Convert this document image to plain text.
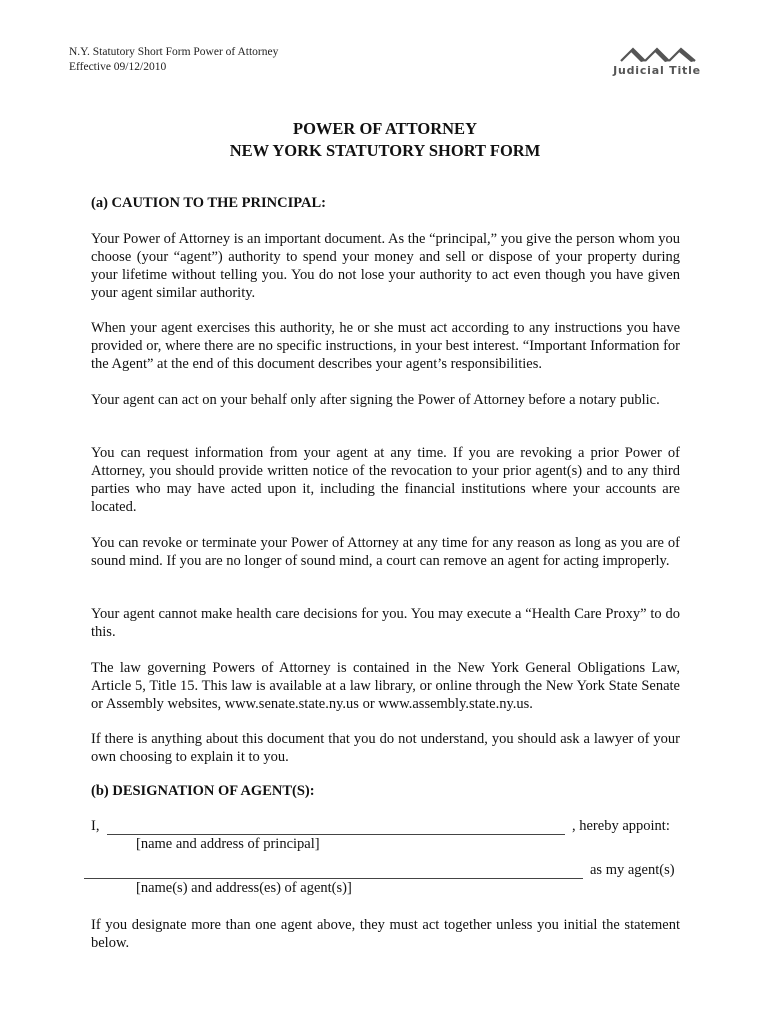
N.Y. Statutory Short Form Power of Attorney
Effective 09/12/2010	Judicial Title
POWER OF ATTORNEY
NEW YORK STATUTORY SHORT FORM
(a) CAUTION TO THE PRINCIPAL:
Your Power of Attorney is an important document. As the “principal,” you give the person whom you choose (your “agent”) authority to spend your money and sell or dispose of your property during your lifetime without telling you. You do not lose your authority to act even though you have given your agent similar authority.
When your agent exercises this authority, he or she must act according to any instructions you have provided or, where there are no specific instructions, in your best interest. “Important Information for the Agent” at the end of this document describes your agent’s responsibilities.
Your agent can act on your behalf only after signing the Power of Attorney before a notary public.
You can request information from your agent at any time. If you are revoking a prior Power of Attorney, you should provide written notice of the revocation to your prior agent(s) and to any third parties who may have acted upon it, including the financial institutions where your accounts are located.
You can revoke or terminate your Power of Attorney at any time for any reason as long as you are of sound mind. If you are no longer of sound mind, a court can remove an agent for acting improperly.
Your agent cannot make health care decisions for you. You may execute a “Health Care Proxy” to do this.
The law governing Powers of Attorney is contained in the New York General Obligations Law, Article 5, Title 15. This law is available at a law library, or online through the New York State Senate or Assembly websites, www.senate.state.ny.us or www.assembly.state.ny.us.
If there is anything about this document that you do not understand, you should ask a lawyer of your own choosing to explain it to you.
(b) DESIGNATION OF AGENT(S):
I,	, hereby appoint:
[name and address of principal]
as my agent(s)
[name(s) and address(es) of agent(s)]
If you designate more than one agent above, they must act together unless you initial the statement below.
